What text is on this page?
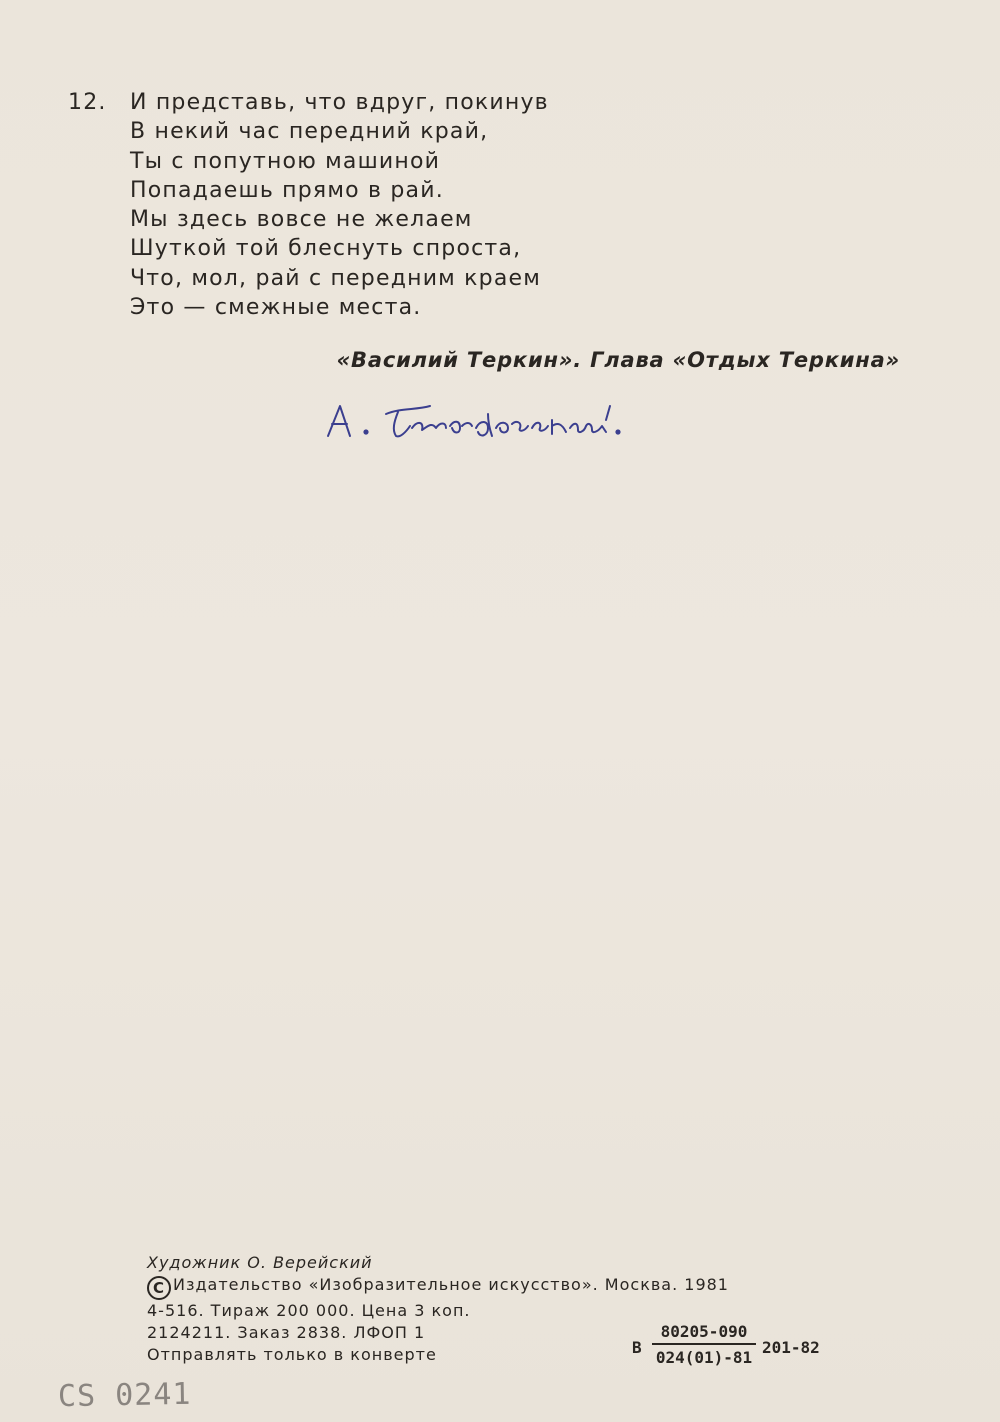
12.	И представь, что вдруг, покинув
В некий час передний край,
Ты с попутною машиной
Попадаешь прямо в рай.
Мы здесь вовсе не желаем
Шуткой той блеснуть спроста,
Что, мол, рай с передним краем
Это — смежные места.
«Василий Теркин». Глава «Отдых Теркина»
Художник О. Верейский
C Издательство «Изобразительное искусство». Москва. 1981
4-516. Тираж 200 000. Цена 3 коп.
2124211. Заказ 2838. ЛФОП 1
Отправлять только в конверте	В $\frac{80205-090}{024(01)-81} 201-82$
CS 0241
